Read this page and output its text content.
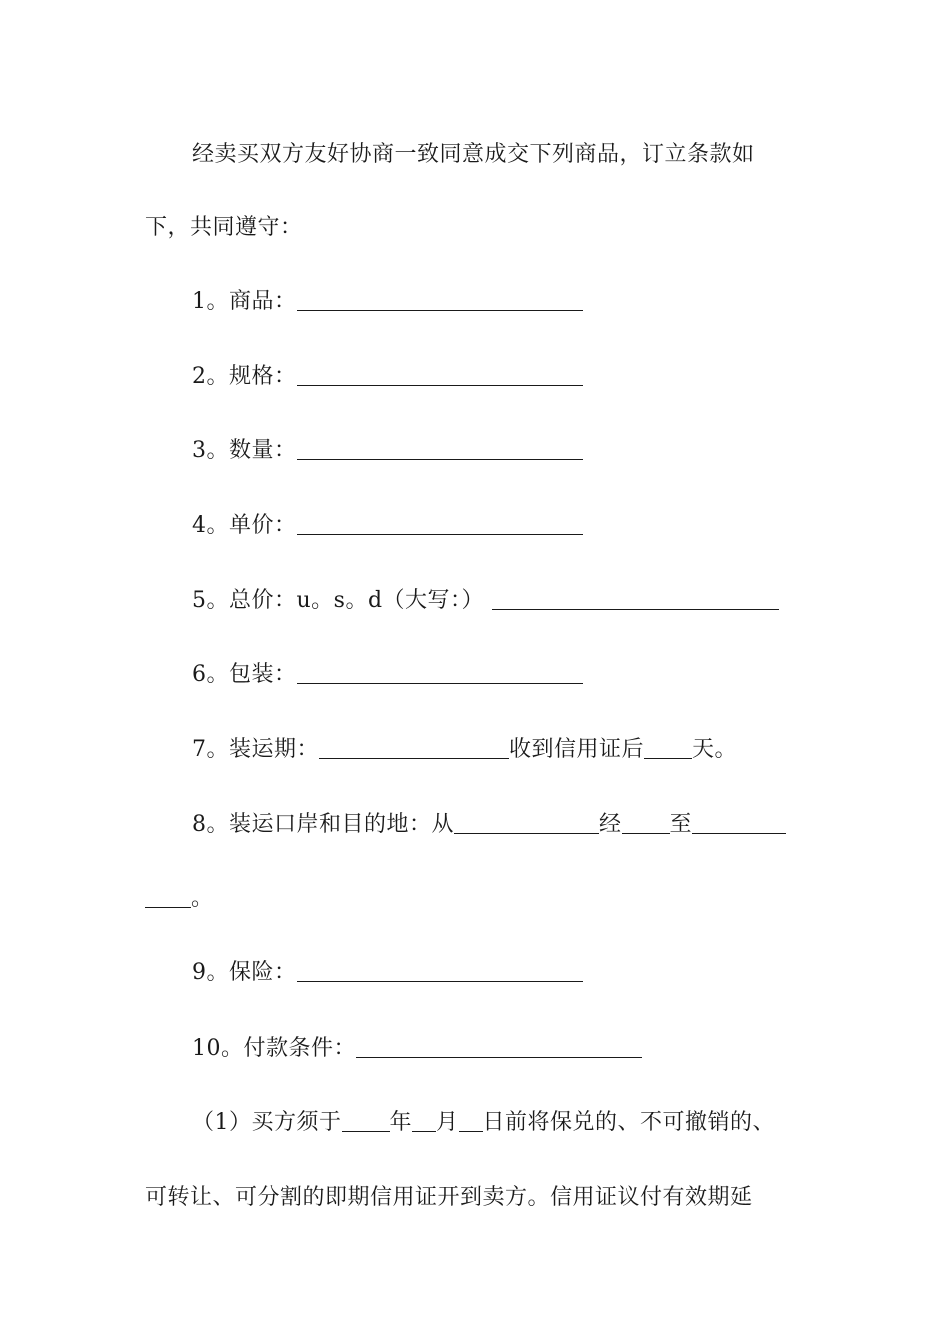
经卖买双方友好协商一致同意成交下列商品，订立条款如
下，共同遵守：
1。商品：
2。规格：
3。数量：
4。单价：
5。总价：u。s。d（大写：）
6。包装：
7。装运期：	收到信用证后 天。
8。装运口岸和目的地：从	经 至
。
9。保险：
10。付款条件：
（1）买方须于 年 月 日前将保兑的、不可撤销的、
可转让、可分割的即期信用证开到卖方。信用证议付有效期延
